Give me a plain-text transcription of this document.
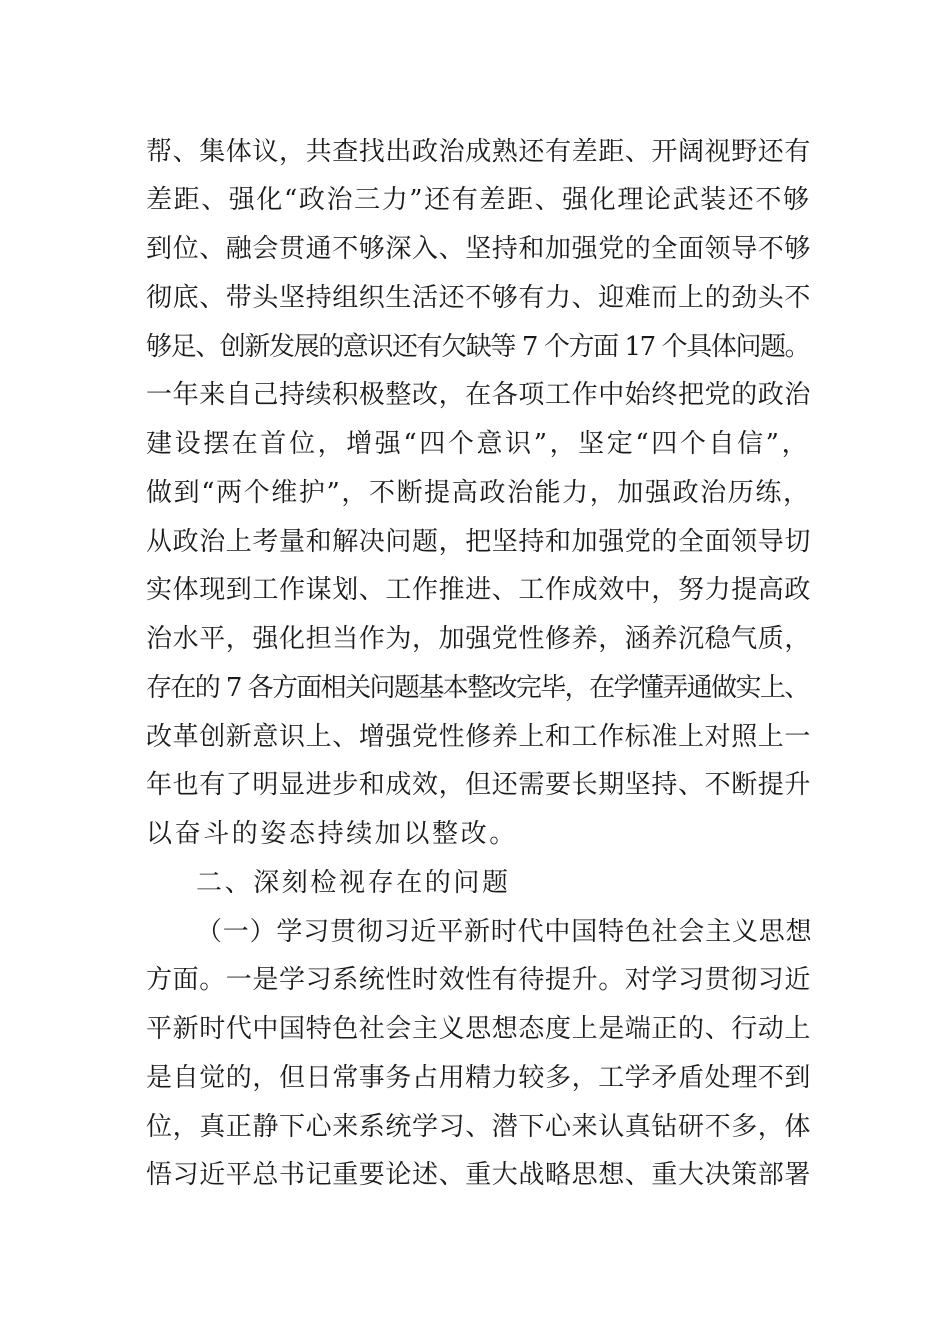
帮、集体议，共查找出政治成熟还有差距、开阔视野还有
差距、强化“政治三力”还有差距、强化理论武装还不够
到位、融会贯通不够深入、坚持和加强党的全面领导不够
彻底、带头坚持组织生活还不够有力、迎难而上的劲头不
够足、创新发展的意识还有欠缺等 7 个方面 17 个具体问题。
一年来自己持续积极整改，在各项工作中始终把党的政治
建设摆在首位，增强“四个意识”，坚定“四个自信”，
做到“两个维护”，不断提高政治能力，加强政治历练，
从政治上考量和解决问题，把坚持和加强党的全面领导切
实体现到工作谋划、工作推进、工作成效中，努力提高政
治水平，强化担当作为，加强党性修养，涵养沉稳气质，
存在的 7 各方面相关问题基本整改完毕，在学懂弄通做实上、
改革创新意识上、增强党性修养上和工作标准上对照上一
年也有了明显进步和成效，但还需要长期坚持、不断提升
以奋斗的姿态持续加以整改。
二、深刻检视存在的问题
（一）学习贯彻习近平新时代中国特色社会主义思想
方面。一是学习系统性时效性有待提升。对学习贯彻习近
平新时代中国特色社会主义思想态度上是端正的、行动上
是自觉的，但日常事务占用精力较多，工学矛盾处理不到
位，真正静下心来系统学习、潜下心来认真钻研不多，体
悟习近平总书记重要论述、重大战略思想、重大决策部署
